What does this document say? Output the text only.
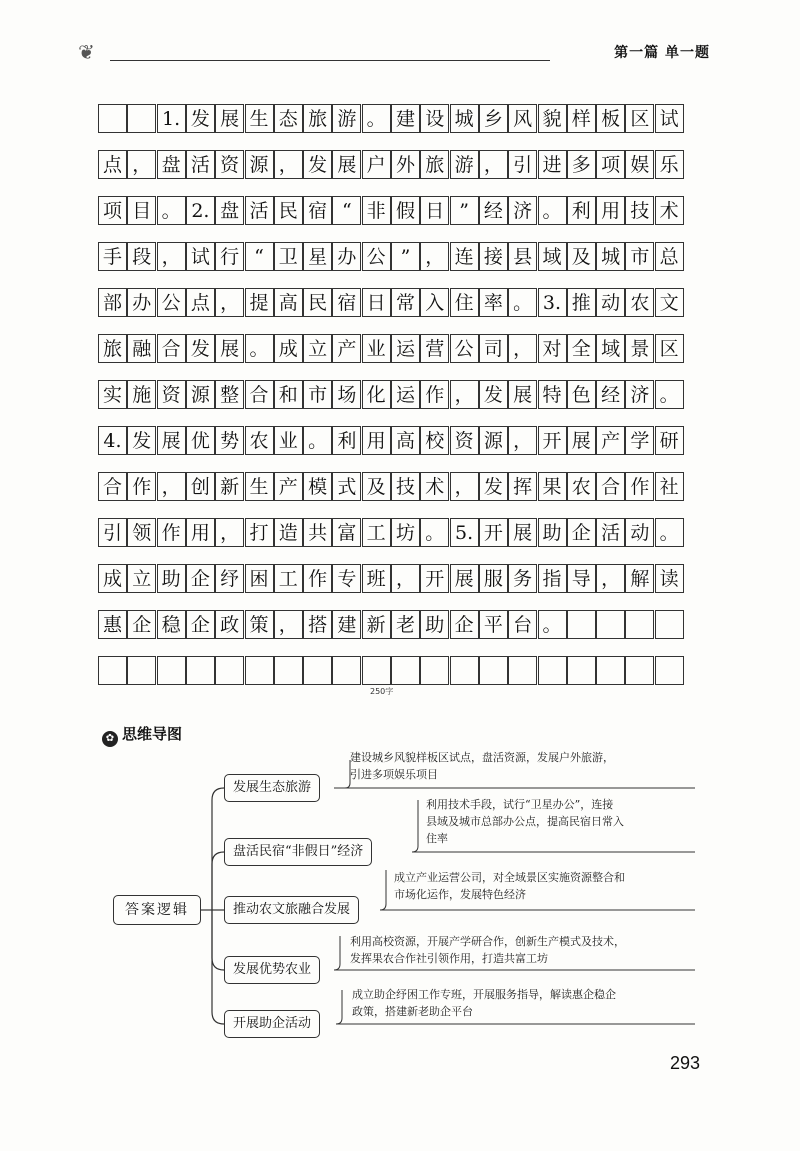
❦	第一篇 单一题
1. 发 展 生 态 旅 游 。 建 设 城 乡 风 貌 样 板 区 试
点 ， 盘 活 资 源 ， 发 展 户 外 旅 游 ， 引 进 多 项 娱 乐
项 目 。 2. 盘 活 民 宿 “ 非 假 日 ” 经 济 。 利 用 技 术
手 段 ， 试 行 “ 卫 星 办 公 ” ， 连 接 县 域 及 城 市 总
部 办 公 点 ， 提 高 民 宿 日 常 入 住 率 。 3. 推 动 农 文
旅 融 合 发 展 。 成 立 产 业 运 营 公 司 ， 对 全 域 景 区
实 施 资 源 整 合 和 市 场 化 运 作 ， 发 展 特 色 经 济 。
4. 发 展 优 势 农 业 。 利 用 高 校 资 源 ， 开 展 产 学 研
合 作 ， 创 新 生 产 模 式 及 技 术 ， 发 挥 果 农 合 作 社
引 领 作 用 ， 打 造 共 富 工 坊 。 5. 开 展 助 企 活 动 。
成 立 助 企 纾 困 工 作 专 班 ， 开 展 服 务 指 导 ， 解 读
惠 企 稳 企 政 策 ， 搭 建 新 老 助 企 平 台 。
250字
✿ 思维导图
答案逻辑
发展生态旅游
盘活民宿“非假日”经济
推动农文旅融合发展
发展优势农业
开展助企活动
建设城乡风貌样板区试点，盘活资源，发展户外旅游，
引进多项娱乐项目
利用技术手段，试行“卫星办公”，连接
县域及城市总部办公点，提高民宿日常入
住率
成立产业运营公司，对全域景区实施资源整合和
市场化运作，发展特色经济
利用高校资源，开展产学研合作，创新生产模式及技术，
发挥果农合作社引领作用，打造共富工坊
成立助企纾困工作专班，开展服务指导，解读惠企稳企
政策，搭建新老助企平台
293
